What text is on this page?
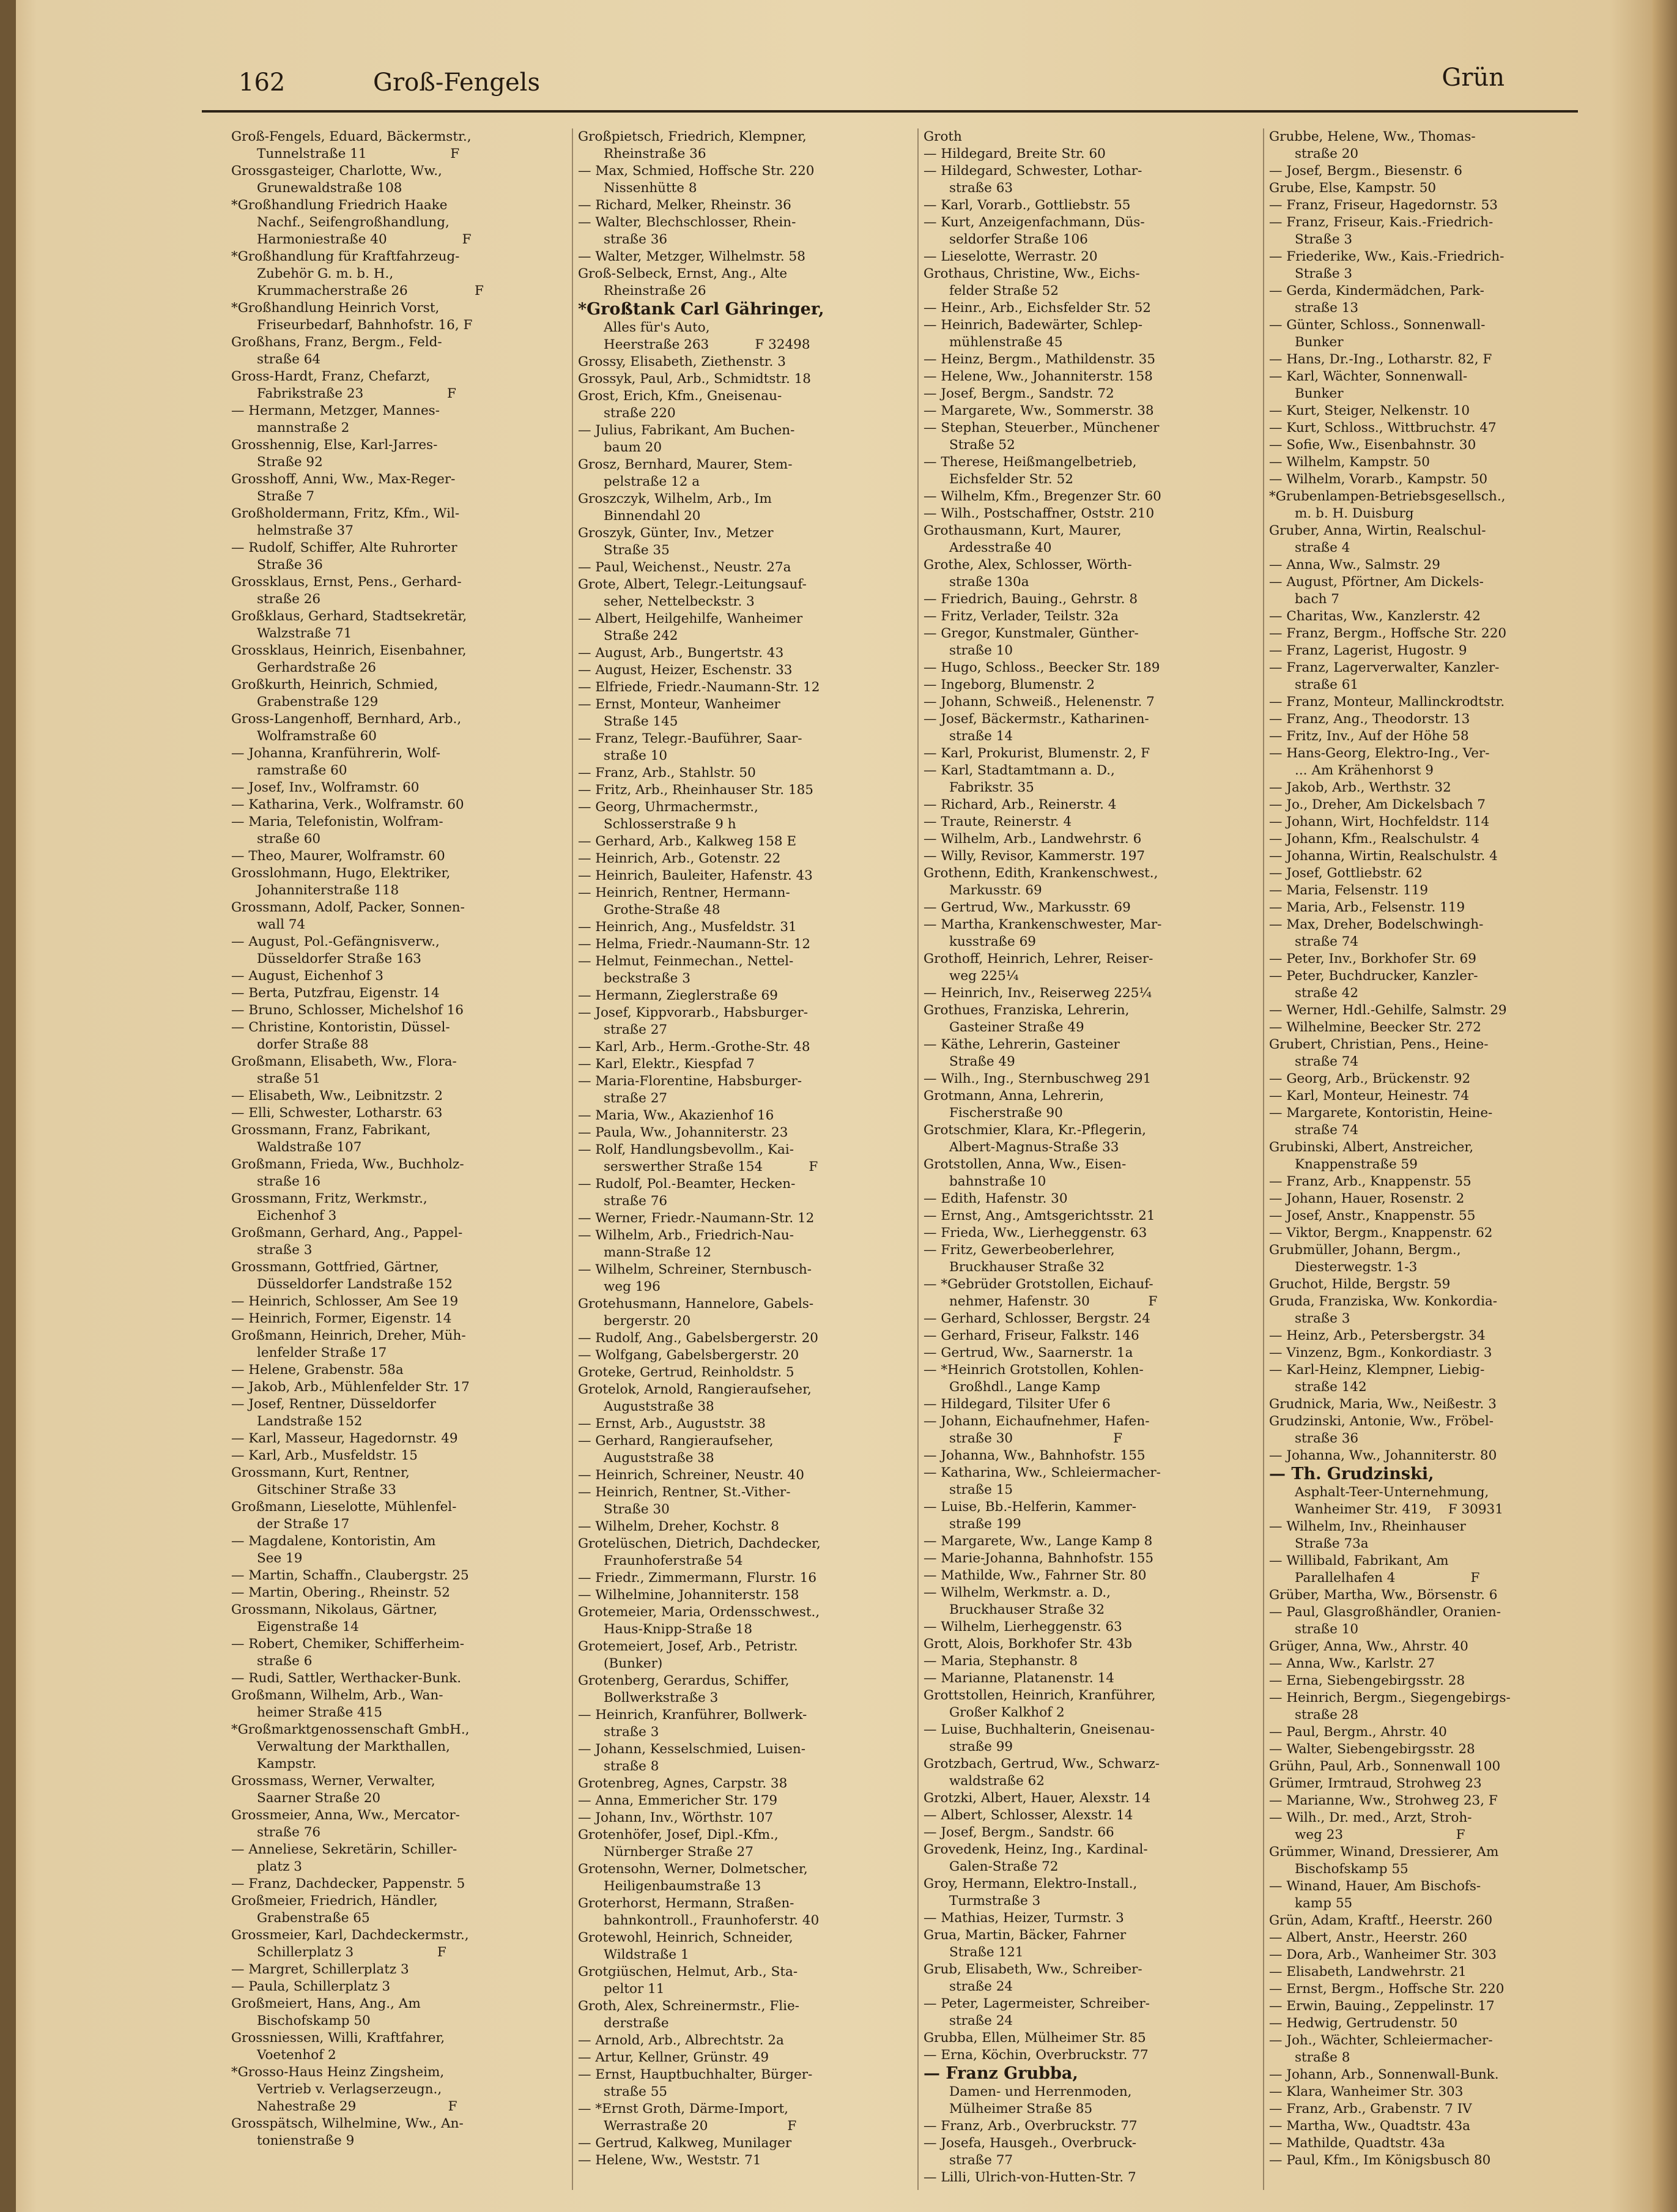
162	Groß-Fengels	Grün
Groß-Fengels, Eduard, Bäckermstr.,
Tunnelstraße 11                    F
Grossgasteiger, Charlotte, Ww.,
Grunewaldstraße 108
*Großhandlung Friedrich Haake
Nachf., Seifengroßhandlung,
Harmoniestraße 40                  F
*Großhandlung für Kraftfahrzeug-
Zubehör G. m. b. H.,
Krummacherstraße 26                F
*Großhandlung Heinrich Vorst,
Friseurbedarf, Bahnhofstr. 16, F
Großhans, Franz, Bergm., Feld-
straße 64
Gross-Hardt, Franz, Chefarzt,
Fabrikstraße 23                    F
— Hermann, Metzger, Mannes-
mannstraße 2
Grosshennig, Else, Karl-Jarres-
Straße 92
Grosshoff, Anni, Ww., Max-Reger-
Straße 7
Großholdermann, Fritz, Kfm., Wil-
helmstraße 37
— Rudolf, Schiffer, Alte Ruhrorter
Straße 36
Grossklaus, Ernst, Pens., Gerhard-
straße 26
Großklaus, Gerhard, Stadtsekretär,
Walzstraße 71
Grossklaus, Heinrich, Eisenbahner,
Gerhardstraße 26
Großkurth, Heinrich, Schmied,
Grabenstraße 129
Gross-Langenhoff, Bernhard, Arb.,
Wolframstraße 60
— Johanna, Kranführerin, Wolf-
ramstraße 60
— Josef, Inv., Wolframstr. 60
— Katharina, Verk., Wolframstr. 60
— Maria, Telefonistin, Wolfram-
straße 60
— Theo, Maurer, Wolframstr. 60
Grosslohmann, Hugo, Elektriker,
Johanniterstraße 118
Grossmann, Adolf, Packer, Sonnen-
wall 74
— August, Pol.-Gefängnisverw.,
Düsseldorfer Straße 163
— August, Eichenhof 3
— Berta, Putzfrau, Eigenstr. 14
— Bruno, Schlosser, Michelshof 16
— Christine, Kontoristin, Düssel-
dorfer Straße 88
Großmann, Elisabeth, Ww., Flora-
straße 51
— Elisabeth, Ww., Leibnitzstr. 2
— Elli, Schwester, Lotharstr. 63
Grossmann, Franz, Fabrikant,
Waldstraße 107
Großmann, Frieda, Ww., Buchholz-
straße 16
Grossmann, Fritz, Werkmstr.,
Eichenhof 3
Großmann, Gerhard, Ang., Pappel-
straße 3
Grossmann, Gottfried, Gärtner,
Düsseldorfer Landstraße 152
— Heinrich, Schlosser, Am See 19
— Heinrich, Former, Eigenstr. 14
Großmann, Heinrich, Dreher, Müh-
lenfelder Straße 17
— Helene, Grabenstr. 58a
— Jakob, Arb., Mühlenfelder Str. 17
— Josef, Rentner, Düsseldorfer
Landstraße 152
— Karl, Masseur, Hagedornstr. 49
— Karl, Arb., Musfeldstr. 15
Grossmann, Kurt, Rentner,
Gitschiner Straße 33
Großmann, Lieselotte, Mühlenfel-
der Straße 17
— Magdalene, Kontoristin, Am
See 19
— Martin, Schaffn., Claubergstr. 25
— Martin, Obering., Rheinstr. 52
Grossmann, Nikolaus, Gärtner,
Eigenstraße 14
— Robert, Chemiker, Schifferheim-
straße 6
— Rudi, Sattler, Werthacker-Bunk.
Großmann, Wilhelm, Arb., Wan-
heimer Straße 415
*Großmarktgenossenschaft GmbH.,
Verwaltung der Markthallen,
Kampstr.
Grossmass, Werner, Verwalter,
Saarner Straße 20
Grossmeier, Anna, Ww., Mercator-
straße 76
— Anneliese, Sekretärin, Schiller-
platz 3
— Franz, Dachdecker, Pappenstr. 5
Großmeier, Friedrich, Händler,
Grabenstraße 65
Grossmeier, Karl, Dachdeckermstr.,
Schillerplatz 3                    F
— Margret, Schillerplatz 3
— Paula, Schillerplatz 3
Großmeiert, Hans, Ang., Am
Bischofskamp 50
Grossniessen, Willi, Kraftfahrer,
Voetenhof 2
*Grosso-Haus Heinz Zingsheim,
Vertrieb v. Verlagserzeugn.,
Nahestraße 29                      F
Grosspätsch, Wilhelmine, Ww., An-
tonienstraße 9
Großpietsch, Friedrich, Klempner,
Rheinstraße 36
— Max, Schmied, Hoffsche Str. 220
Nissenhütte 8
— Richard, Melker, Rheinstr. 36
— Walter, Blechschlosser, Rhein-
straße 36
— Walter, Metzger, Wilhelmstr. 58
Groß-Selbeck, Ernst, Ang., Alte
Rheinstraße 26
*Großtank Carl Gähringer,
Alles für's Auto,
Heerstraße 263           F 32498
Grossy, Elisabeth, Ziethenstr. 3
Grossyk, Paul, Arb., Schmidtstr. 18
Grost, Erich, Kfm., Gneisenau-
straße 220
— Julius, Fabrikant, Am Buchen-
baum 20
Grosz, Bernhard, Maurer, Stem-
pelstraße 12 a
Groszczyk, Wilhelm, Arb., Im
Binnendahl 20
Groszyk, Günter, Inv., Metzer
Straße 35
— Paul, Weichenst., Neustr. 27a
Grote, Albert, Telegr.-Leitungsauf-
seher, Nettelbeckstr. 3
— Albert, Heilgehilfe, Wanheimer
Straße 242
— August, Arb., Bungertstr. 43
— August, Heizer, Eschenstr. 33
— Elfriede, Friedr.-Naumann-Str. 12
— Ernst, Monteur, Wanheimer
Straße 145
— Franz, Telegr.-Bauführer, Saar-
straße 10
— Franz, Arb., Stahlstr. 50
— Fritz, Arb., Rheinhauser Str. 185
— Georg, Uhrmachermstr.,
Schlosserstraße 9 h
— Gerhard, Arb., Kalkweg 158 E
— Heinrich, Arb., Gotenstr. 22
— Heinrich, Bauleiter, Hafenstr. 43
— Heinrich, Rentner, Hermann-
Grothe-Straße 48
— Heinrich, Ang., Musfeldstr. 31
— Helma, Friedr.-Naumann-Str. 12
— Helmut, Feinmechan., Nettel-
beckstraße 3
— Hermann, Zieglerstraße 69
— Josef, Kippvorarb., Habsburger-
straße 27
— Karl, Arb., Herm.-Grothe-Str. 48
— Karl, Elektr., Kiespfad 7
— Maria-Florentine, Habsburger-
straße 27
— Maria, Ww., Akazienhof 16
— Paula, Ww., Johanniterstr. 23
— Rolf, Handlungsbevollm., Kai-
serswerther Straße 154           F
— Rudolf, Pol.-Beamter, Hecken-
straße 76
— Werner, Friedr.-Naumann-Str. 12
— Wilhelm, Arb., Friedrich-Nau-
mann-Straße 12
— Wilhelm, Schreiner, Sternbusch-
weg 196
Grotehusmann, Hannelore, Gabels-
bergerstr. 20
— Rudolf, Ang., Gabelsbergerstr. 20
— Wolfgang, Gabelsbergerstr. 20
Groteke, Gertrud, Reinholdstr. 5
Grotelok, Arnold, Rangieraufseher,
Auguststraße 38
— Ernst, Arb., Auguststr. 38
— Gerhard, Rangieraufseher,
Auguststraße 38
— Heinrich, Schreiner, Neustr. 40
— Heinrich, Rentner, St.-Vither-
Straße 30
— Wilhelm, Dreher, Kochstr. 8
Grotelüschen, Dietrich, Dachdecker,
Fraunhoferstraße 54
— Friedr., Zimmermann, Flurstr. 16
— Wilhelmine, Johanniterstr. 158
Grotemeier, Maria, Ordensschwest.,
Haus-Knipp-Straße 18
Grotemeiert, Josef, Arb., Petristr.
(Bunker)
Grotenberg, Gerardus, Schiffer,
Bollwerkstraße 3
— Heinrich, Kranführer, Bollwerk-
straße 3
— Johann, Kesselschmied, Luisen-
straße 8
Grotenbreg, Agnes, Carpstr. 38
— Anna, Emmericher Str. 179
— Johann, Inv., Wörthstr. 107
Grotenhöfer, Josef, Dipl.-Kfm.,
Nürnberger Straße 27
Grotensohn, Werner, Dolmetscher,
Heiligenbaumstraße 13
Groterhorst, Hermann, Straßen-
bahnkontroll., Fraunhoferstr. 40
Grotewohl, Heinrich, Schneider,
Wildstraße 1
Grotgiüschen, Helmut, Arb., Sta-
peltor 11
Groth, Alex, Schreinermstr., Flie-
derstraße
— Arnold, Arb., Albrechtstr. 2a
— Artur, Kellner, Grünstr. 49
— Ernst, Hauptbuchhalter, Bürger-
straße 55
— *Ernst Groth, Därme-Import,
Werrastraße 20                   F
— Gertrud, Kalkweg, Munilager
— Helene, Ww., Weststr. 71
Groth
— Hildegard, Breite Str. 60
— Hildegard, Schwester, Lothar-
straße 63
— Karl, Vorarb., Gottliebstr. 55
— Kurt, Anzeigenfachmann, Düs-
seldorfer Straße 106
— Lieselotte, Werrastr. 20
Grothaus, Christine, Ww., Eichs-
felder Straße 52
— Heinr., Arb., Eichsfelder Str. 52
— Heinrich, Badewärter, Schlep-
mühlenstraße 45
— Heinz, Bergm., Mathildenstr. 35
— Helene, Ww., Johanniterstr. 158
— Josef, Bergm., Sandstr. 72
— Margarete, Ww., Sommerstr. 38
— Stephan, Steuerber., Münchener
Straße 52
— Therese, Heißmangelbetrieb,
Eichsfelder Str. 52
— Wilhelm, Kfm., Bregenzer Str. 60
— Wilh., Postschaffner, Oststr. 210
Grothausmann, Kurt, Maurer,
Ardesstraße 40
Grothe, Alex, Schlosser, Wörth-
straße 130a
— Friedrich, Bauing., Gehrstr. 8
— Fritz, Verlader, Teilstr. 32a
— Gregor, Kunstmaler, Günther-
straße 10
— Hugo, Schloss., Beecker Str. 189
— Ingeborg, Blumenstr. 2
— Johann, Schweiß., Helenenstr. 7
— Josef, Bäckermstr., Katharinen-
straße 14
— Karl, Prokurist, Blumenstr. 2, F
— Karl, Stadtamtmann a. D.,
Fabrikstr. 35
— Richard, Arb., Reinerstr. 4
— Traute, Reinerstr. 4
— Wilhelm, Arb., Landwehrstr. 6
— Willy, Revisor, Kammerstr. 197
Grothenn, Edith, Krankenschwest.,
Markusstr. 69
— Gertrud, Ww., Markusstr. 69
— Martha, Krankenschwester, Mar-
kusstraße 69
Grothoff, Heinrich, Lehrer, Reiser-
weg 225¼
— Heinrich, Inv., Reiserweg 225¼
Grothues, Franziska, Lehrerin,
Gasteiner Straße 49
— Käthe, Lehrerin, Gasteiner
Straße 49
— Wilh., Ing., Sternbuschweg 291
Grotmann, Anna, Lehrerin,
Fischerstraße 90
Grotschmier, Klara, Kr.-Pflegerin,
Albert-Magnus-Straße 33
Grotstollen, Anna, Ww., Eisen-
bahnstraße 10
— Edith, Hafenstr. 30
— Ernst, Ang., Amtsgerichtsstr. 21
— Frieda, Ww., Lierheggenstr. 63
— Fritz, Gewerbeoberlehrer,
Bruckhauser Straße 32
— *Gebrüder Grotstollen, Eichauf-
nehmer, Hafenstr. 30              F
— Gerhard, Schlosser, Bergstr. 24
— Gerhard, Friseur, Falkstr. 146
— Gertrud, Ww., Saarnerstr. 1a
— *Heinrich Grotstollen, Kohlen-
Großhdl., Lange Kamp
— Hildegard, Tilsiter Ufer 6
— Johann, Eichaufnehmer, Hafen-
straße 30                        F
— Johanna, Ww., Bahnhofstr. 155
— Katharina, Ww., Schleiermacher-
straße 15
— Luise, Bb.-Helferin, Kammer-
straße 199
— Margarete, Ww., Lange Kamp 8
— Marie-Johanna, Bahnhofstr. 155
— Mathilde, Ww., Fahrner Str. 80
— Wilhelm, Werkmstr. a. D.,
Bruckhauser Straße 32
— Wilhelm, Lierheggenstr. 63
Grott, Alois, Borkhofer Str. 43b
— Maria, Stephanstr. 8
— Marianne, Platanenstr. 14
Grottstollen, Heinrich, Kranführer,
Großer Kalkhof 2
— Luise, Buchhalterin, Gneisenau-
straße 99
Grotzbach, Gertrud, Ww., Schwarz-
waldstraße 62
Grotzki, Albert, Hauer, Alexstr. 14
— Albert, Schlosser, Alexstr. 14
— Josef, Bergm., Sandstr. 66
Grovedenk, Heinz, Ing., Kardinal-
Galen-Straße 72
Groy, Hermann, Elektro-Install.,
Turmstraße 3
— Mathias, Heizer, Turmstr. 3
Grua, Martin, Bäcker, Fahrner
Straße 121
Grub, Elisabeth, Ww., Schreiber-
straße 24
— Peter, Lagermeister, Schreiber-
straße 24
Grubba, Ellen, Mülheimer Str. 85
— Erna, Köchin, Overbruckstr. 77
— Franz Grubba,
Damen- und Herrenmoden,
Mülheimer Straße 85
— Franz, Arb., Overbruckstr. 77
— Josefa, Hausgeh., Overbruck-
straße 77
— Lilli, Ulrich-von-Hutten-Str. 7
Grubbe, Helene, Ww., Thomas-
straße 20
— Josef, Bergm., Biesenstr. 6
Grube, Else, Kampstr. 50
— Franz, Friseur, Hagedornstr. 53
— Franz, Friseur, Kais.-Friedrich-
Straße 3
— Friederike, Ww., Kais.-Friedrich-
Straße 3
— Gerda, Kindermädchen, Park-
straße 13
— Günter, Schloss., Sonnenwall-
Bunker
— Hans, Dr.-Ing., Lotharstr. 82, F
— Karl, Wächter, Sonnenwall-
Bunker
— Kurt, Steiger, Nelkenstr. 10
— Kurt, Schloss., Wittbruchstr. 47
— Sofie, Ww., Eisenbahnstr. 30
— Wilhelm, Kampstr. 50
— Wilhelm, Vorarb., Kampstr. 50
*Grubenlampen-Betriebsgesellsch.,
m. b. H. Duisburg
Gruber, Anna, Wirtin, Realschul-
straße 4
— Anna, Ww., Salmstr. 29
— August, Pförtner, Am Dickels-
bach 7
— Charitas, Ww., Kanzlerstr. 42
— Franz, Bergm., Hoffsche Str. 220
— Franz, Lagerist, Hugostr. 9
— Franz, Lagerverwalter, Kanzler-
straße 61
— Franz, Monteur, Mallinckrodtstr.
— Franz, Ang., Theodorstr. 13
— Fritz, Inv., Auf der Höhe 58
— Hans-Georg, Elektro-Ing., Ver-
... Am Krähenhorst 9
— Jakob, Arb., Werthstr. 32
— Jo., Dreher, Am Dickelsbach 7
— Johann, Wirt, Hochfeldstr. 114
— Johann, Kfm., Realschulstr. 4
— Johanna, Wirtin, Realschulstr. 4
— Josef, Gottliebstr. 62
— Maria, Felsenstr. 119
— Maria, Arb., Felsenstr. 119
— Max, Dreher, Bodelschwingh-
straße 74
— Peter, Inv., Borkhofer Str. 69
— Peter, Buchdrucker, Kanzler-
straße 42
— Werner, Hdl.-Gehilfe, Salmstr. 29
— Wilhelmine, Beecker Str. 272
Grubert, Christian, Pens., Heine-
straße 74
— Georg, Arb., Brückenstr. 92
— Karl, Monteur, Heinestr. 74
— Margarete, Kontoristin, Heine-
straße 74
Grubinski, Albert, Anstreicher,
Knappenstraße 59
— Franz, Arb., Knappenstr. 55
— Johann, Hauer, Rosenstr. 2
— Josef, Anstr., Knappenstr. 55
— Viktor, Bergm., Knappenstr. 62
Grubmüller, Johann, Bergm.,
Diesterwegstr. 1-3
Gruchot, Hilde, Bergstr. 59
Gruda, Franziska, Ww. Konkordia-
straße 3
— Heinz, Arb., Petersbergstr. 34
— Vinzenz, Bgm., Konkordiastr. 3
— Karl-Heinz, Klempner, Liebig-
straße 142
Grudnick, Maria, Ww., Neißestr. 3
Grudzinski, Antonie, Ww., Fröbel-
straße 36
— Johanna, Ww., Johanniterstr. 80
— Th. Grudzinski,
Asphalt-Teer-Unternehmung,
Wanheimer Str. 419,    F 30931
— Wilhelm, Inv., Rheinhauser
Straße 73a
— Willibald, Fabrikant, Am
Parallelhafen 4                  F
Grüber, Martha, Ww., Börsenstr. 6
— Paul, Glasgroßhändler, Oranien-
straße 10
Grüger, Anna, Ww., Ahrstr. 40
— Anna, Ww., Karlstr. 27
— Erna, Siebengebirgsstr. 28
— Heinrich, Bergm., Siegengebirgs-
straße 28
— Paul, Bergm., Ahrstr. 40
— Walter, Siebengebirgsstr. 28
Grühn, Paul, Arb., Sonnenwall 100
Grümer, Irmtraud, Strohweg 23
— Marianne, Ww., Strohweg 23, F
— Wilh., Dr. med., Arzt, Stroh-
weg 23                           F
Grümmer, Winand, Dressierer, Am
Bischofskamp 55
— Winand, Hauer, Am Bischofs-
kamp 55
Grün, Adam, Kraftf., Heerstr. 260
— Albert, Anstr., Heerstr. 260
— Dora, Arb., Wanheimer Str. 303
— Elisabeth, Landwehrstr. 21
— Ernst, Bergm., Hoffsche Str. 220
— Erwin, Bauing., Zeppelinstr. 17
— Hedwig, Gertrudenstr. 50
— Joh., Wächter, Schleiermacher-
straße 8
— Johann, Arb., Sonnenwall-Bunk.
— Klara, Wanheimer Str. 303
— Franz, Arb., Grabenstr. 7 IV
— Martha, Ww., Quadtstr. 43a
— Mathilde, Quadtstr. 43a
— Paul, Kfm., Im Königsbusch 80
